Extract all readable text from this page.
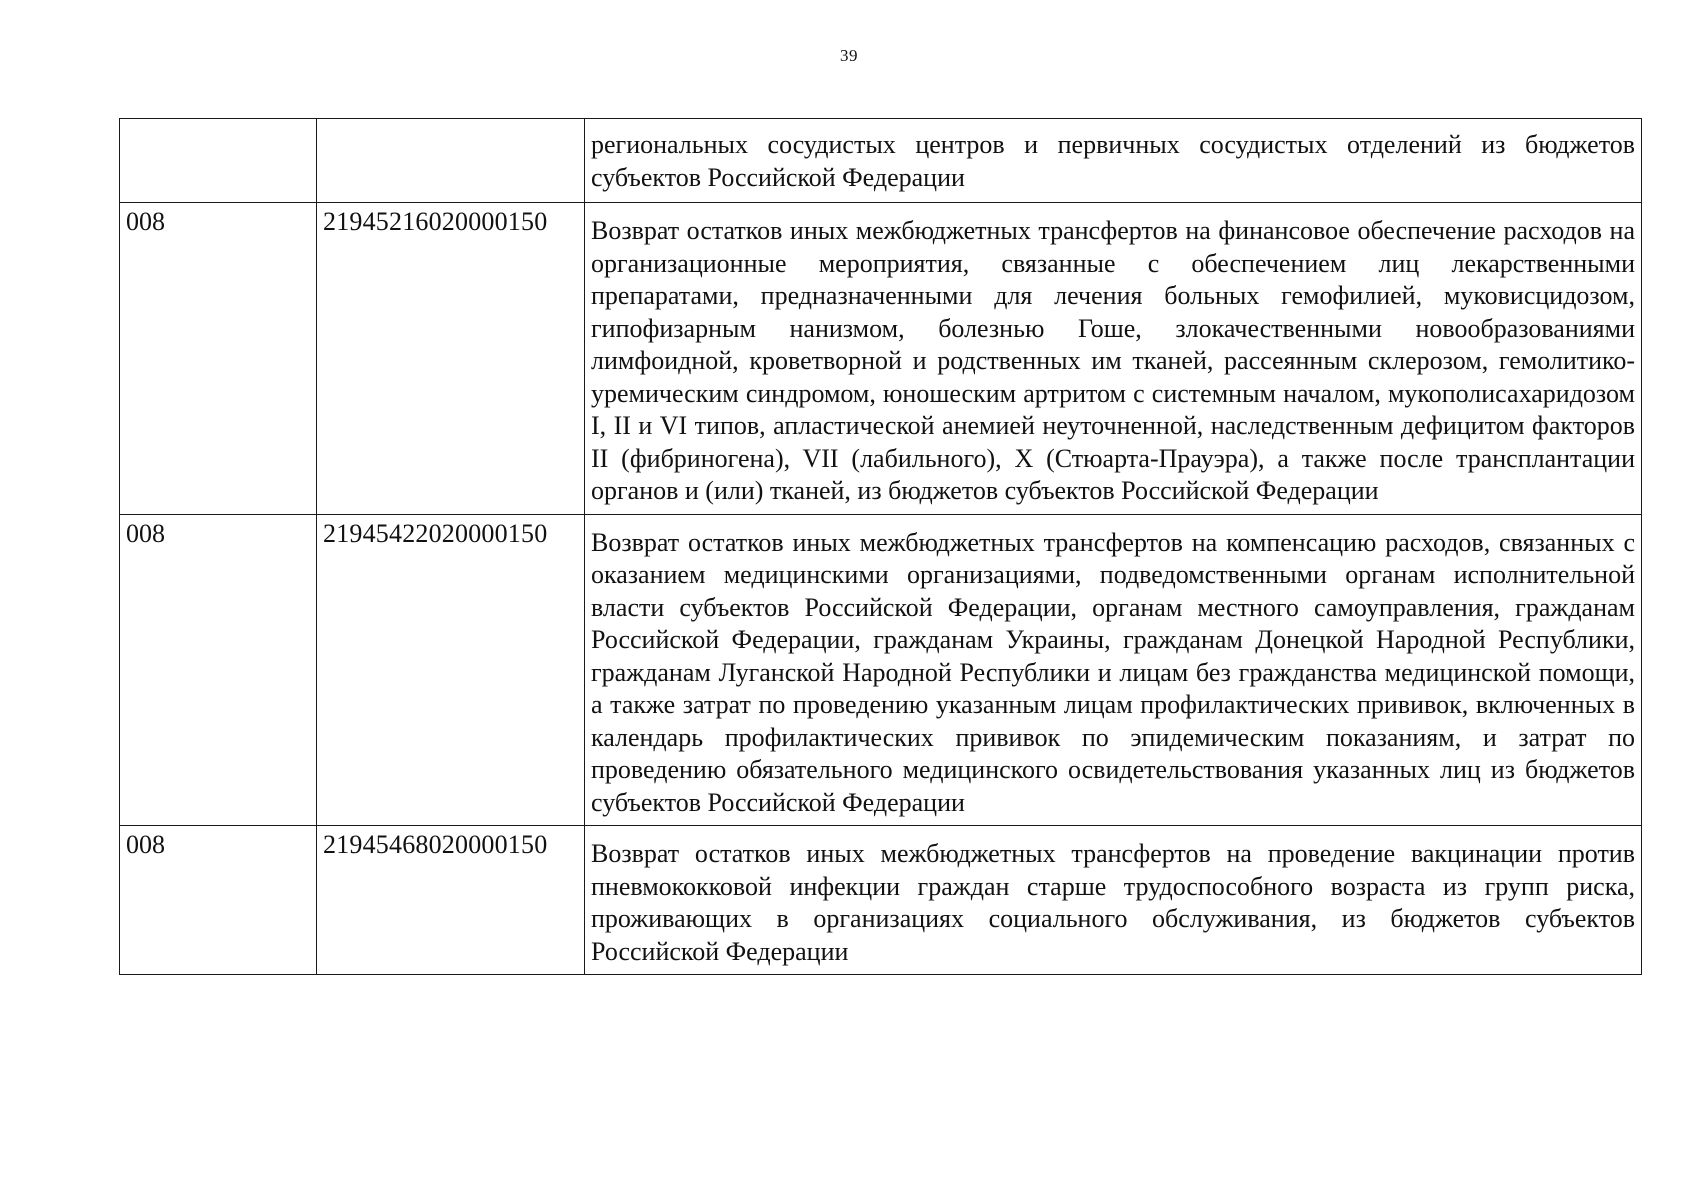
39
		региональных сосудистых центров и первичных сосудистых отделений из бюджетов субъектов Российской Федерации
008	21945216020000150	Возврат остатков иных межбюджетных трансфертов на финансовое обеспечение расходов на организационные мероприятия, связанные с обеспечением лиц лекарственными препаратами, предназначенными для лечения больных гемофилией, муковисцидозом, гипофизарным нанизмом, болезнью Гоше, злокачественными новообразованиями лимфоидной, кроветворной и родственных им тканей, рассеянным склерозом, гемолитико-уремическим синдромом, юношеским артритом с системным началом, мукополисахаридозом I, II и VI типов, апластической анемией неуточненной, наследственным дефицитом факторов II (фибриногена), VII (лабильного), X (Стюарта-Прауэра), а также после трансплантации органов и (или) тканей, из бюджетов субъектов Российской Федерации
008	21945422020000150	Возврат остатков иных межбюджетных трансфертов на компенсацию расходов, связанных с оказанием медицинскими организациями, подведомственными органам исполнительной власти субъектов Российской Федерации, органам местного самоуправления, гражданам Российской Федерации, гражданам Украины, гражданам Донецкой Народной Республики, гражданам Луганской Народной Республики и лицам без гражданства медицинской помощи, а также затрат по проведению указанным лицам профилактических прививок, включенных в календарь профилактических прививок по эпидемическим показаниям, и затрат по проведению обязательного медицинского освидетельствования указанных лиц из бюджетов субъектов Российской Федерации
008	21945468020000150	Возврат остатков иных межбюджетных трансфертов на проведение вакцинации против пневмококковой инфекции граждан старше трудоспособного возраста из групп риска, проживающих в организациях социального обслуживания, из бюджетов субъектов Российской Федерации
